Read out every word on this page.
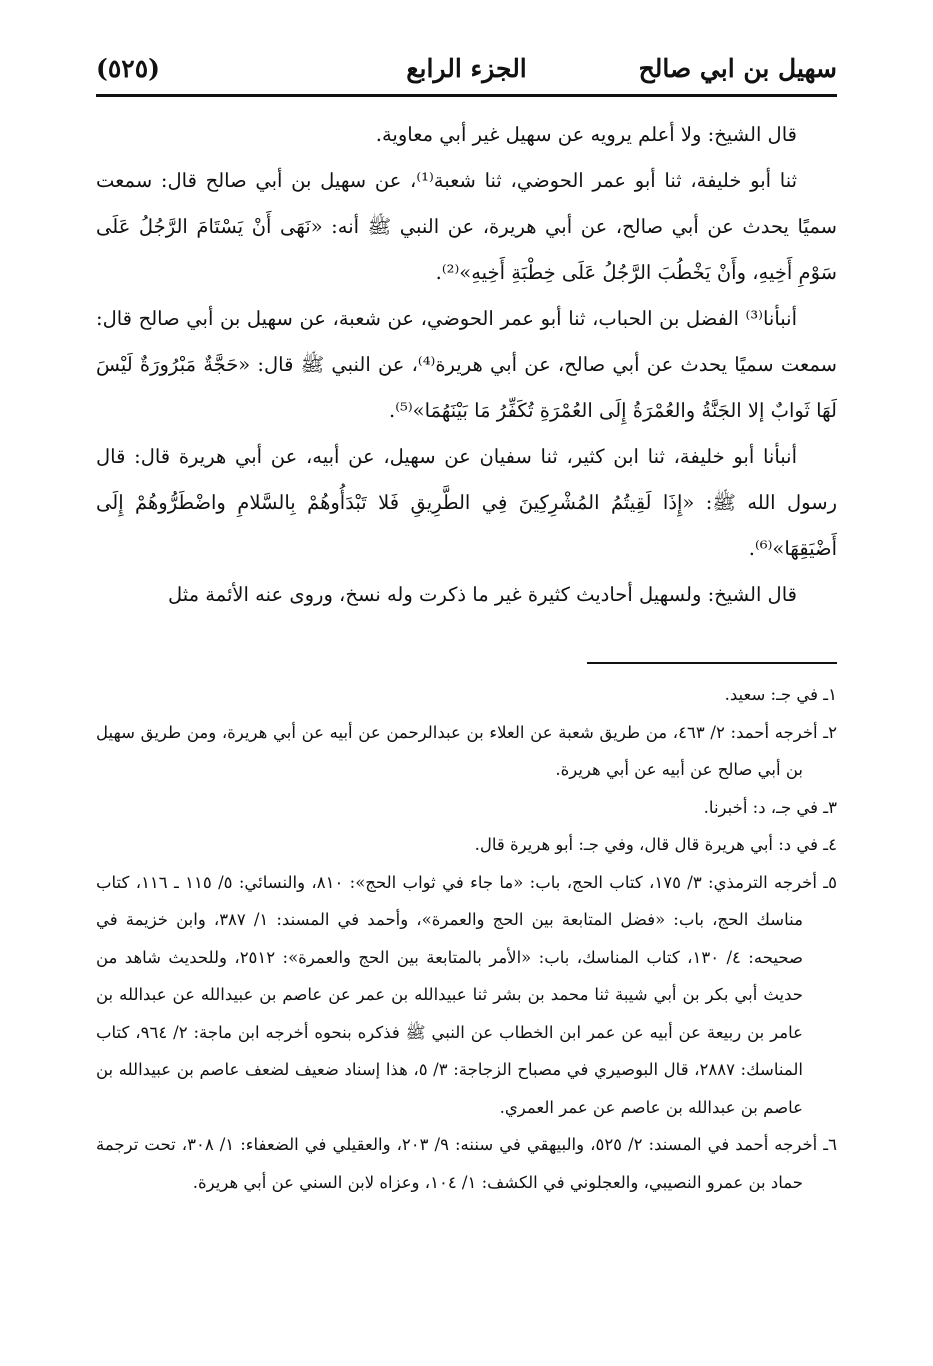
سهيل بن ابي صالح
الجزء الرابع
(٥٢٥)

قال الشيخ: ولا أعلم يرويه عن سهيل غير أبي معاوية.

ثنا أبو خليفة، ثنا أبو عمر الحوضي، ثنا شعبة⁽¹⁾، عن سهيل بن أبي صالح قال: سمعت سميًا يحدث عن أبي صالح، عن أبي هريرة، عن النبي ﷺ أنه: «نَهَى أَنْ يَسْتَامَ الرَّجُلُ عَلَى سَوْمِ أَخِيهِ، وأَنْ يَخْطُبَ الرَّجُلُ عَلَى خِطْبَةِ أَخِيهِ»⁽²⁾.

أنبأنا⁽³⁾ الفضل بن الحباب، ثنا أبو عمر الحوضي، عن شعبة، عن سهيل بن أبي صالح قال: سمعت سميًا يحدث عن أبي صالح، عن أبي هريرة⁽⁴⁾، عن النبي ﷺ قال: «حَجَّةٌ مَبْرُورَةٌ لَيْسَ لَهَا ثَوابٌ إلا الجَنَّةُ والعُمْرَةُ إِلَى العُمْرَةِ تُكَفِّرُ مَا بَيْنَهُمَا»⁽⁵⁾.

أنبأنا أبو خليفة، ثنا ابن كثير، ثنا سفيان عن سهيل، عن أبيه، عن أبي هريرة قال: قال رسول الله ﷺ: «إِذَا لَقِيتُمُ المُشْرِكِينَ فِي الطَّرِيقِ فَلا تَبْدَأُوهُمْ بِالسَّلامِ واضْطَرُّوهُمْ إِلَى أَضْيَقِهَا»⁽⁶⁾.

قال الشيخ: ولسهيل أحاديث كثيرة غير ما ذكرت وله نسخ، وروى عنه الأئمة مثل

١ـ في جـ: سعيد.

٢ـ أخرجه أحمد: ٢/ ٤٦٣، من طريق شعبة عن العلاء بن عبدالرحمن عن أبيه عن أبي هريرة، ومن طريق سهيل بن أبي صالح عن أبيه عن أبي هريرة.

٣ـ في جـ، د: أخبرنا.

٤ـ في د: أبي هريرة قال قال، وفي جـ: أبو هريرة قال.

٥ـ أخرجه الترمذي: ٣/ ١٧٥، كتاب الحج، باب: «ما جاء في ثواب الحج»: ٨١٠، والنسائي: ٥/ ١١٥ ـ ١١٦، كتاب مناسك الحج، باب: «فضل المتابعة بين الحج والعمرة»، وأحمد في المسند: ١/ ٣٨٧، وابن خزيمة في صحيحه: ٤/ ١٣٠، كتاب المناسك، باب: «الأمر بالمتابعة بين الحج والعمرة»: ٢٥١٢، وللحديث شاهد من حديث أبي بكر بن أبي شيبة ثنا محمد بن بشر ثنا عبيدالله بن عمر عن عاصم بن عبيدالله عن عبدالله بن عامر بن ربيعة عن أبيه عن عمر ابن الخطاب عن النبي ﷺ فذكره بنحوه أخرجه ابن ماجة: ٢/ ٩٦٤، كتاب المناسك: ٢٨٨٧، قال البوصيري في مصباح الزجاجة: ٣/ ٥، هذا إسناد ضعيف لضعف عاصم بن عبيدالله بن عاصم بن عبدالله بن عاصم عن عمر العمري.

٦ـ أخرجه أحمد في المسند: ٢/ ٥٢٥، والبيهقي في سننه: ٩/ ٢٠٣، والعقيلي في الضعفاء: ١/ ٣٠٨، تحت ترجمة حماد بن عمرو النصيبي، والعجلوني في الكشف: ١/ ١٠٤، وعزاه لابن السني عن أبي هريرة.
